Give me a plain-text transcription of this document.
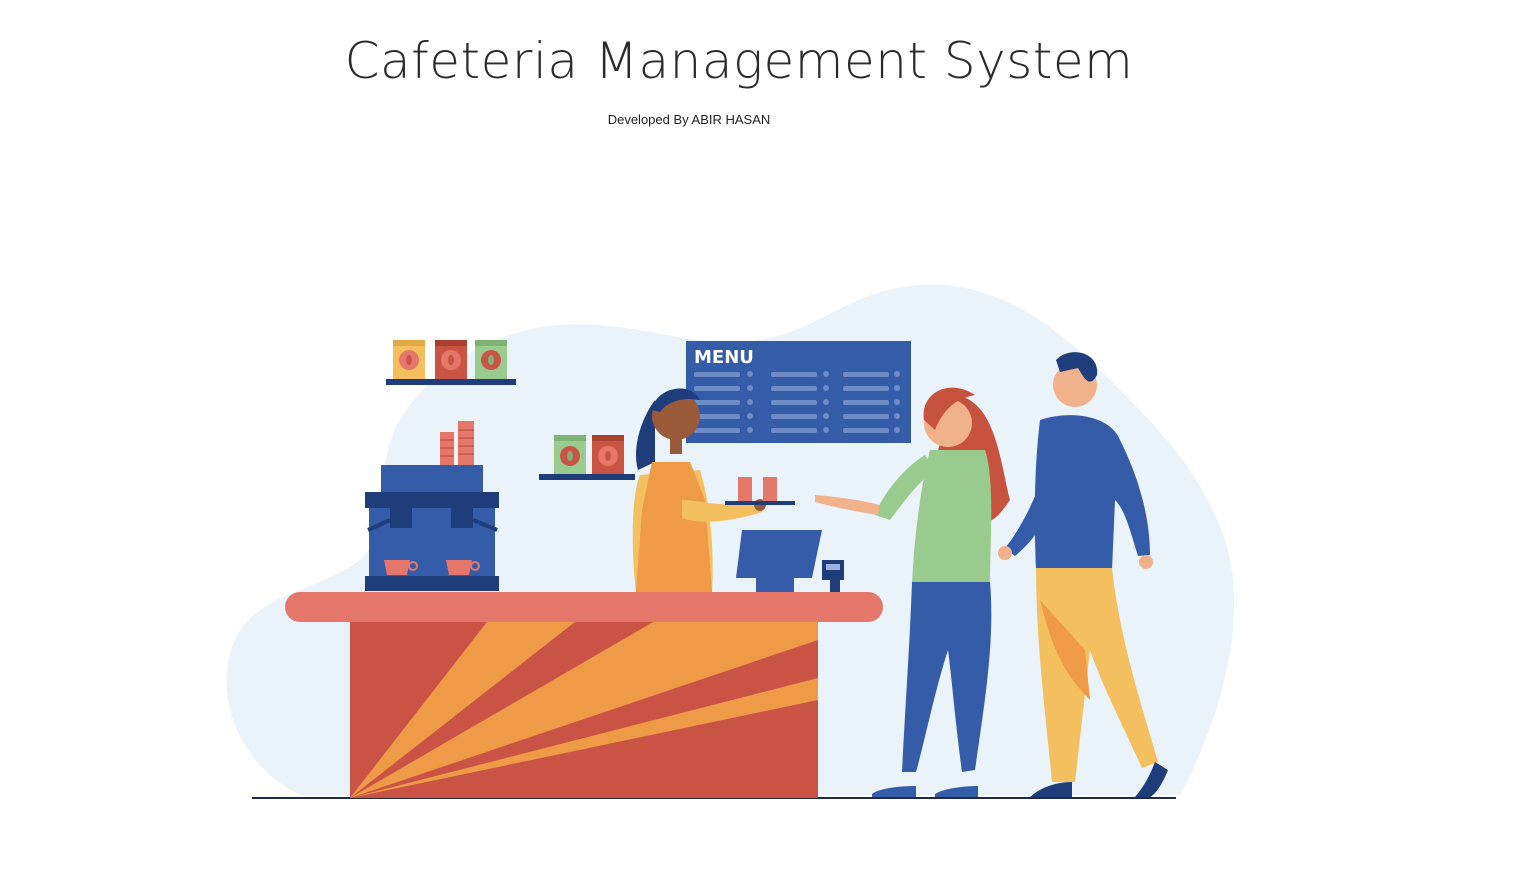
Cafeteria Management System

Developed By ABIR HASAN

MENU
